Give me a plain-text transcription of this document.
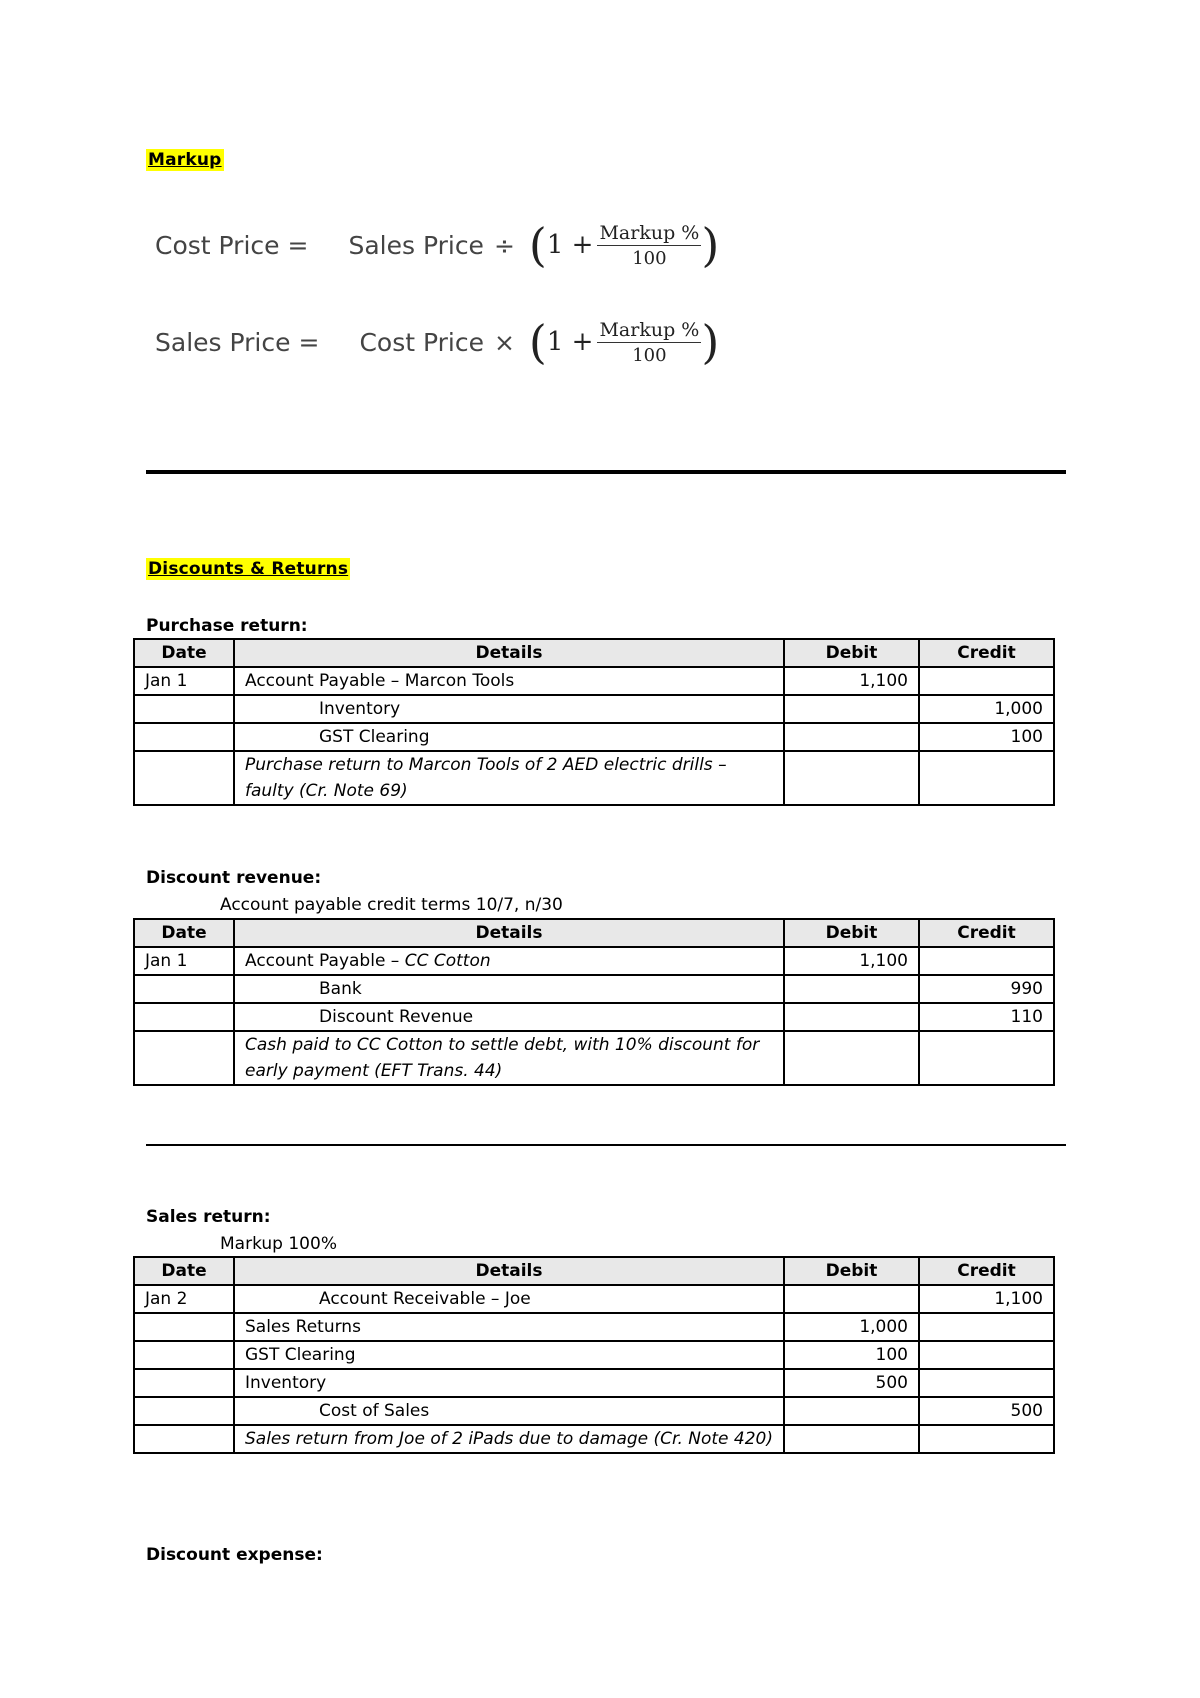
Markup
Cost Price = Sales Price ÷ ( $1 + \frac{\text{Markup \%}}{100}$ )
Sales Price = Cost Price × ( $1 + \frac{\text{Markup \%}}{100}$ )
Discounts & Returns
Purchase return:
Date	Details	Debit	Credit
Jan 1	Account Payable – Marcon Tools	1,100	
	Inventory		1,000
	GST Clearing		100
	Purchase return to Marcon Tools of 2 AED electric drills – faulty (Cr. Note 69)		
Discount revenue:
Account payable credit terms 10/7, n/30
Date	Details	Debit	Credit
Jan 1	Account Payable – CC Cotton	1,100	
	Bank		990
	Discount Revenue		110
	Cash paid to CC Cotton to settle debt, with 10% discount for early payment (EFT Trans. 44)		
Sales return:
Markup 100%
Date	Details	Debit	Credit
Jan 2	Account Receivable – Joe		1,100
	Sales Returns	1,000	
	GST Clearing	100	
	Inventory	500	
	Cost of Sales		500
	Sales return from Joe of 2 iPads due to damage (Cr. Note 420)		
Discount expense:
